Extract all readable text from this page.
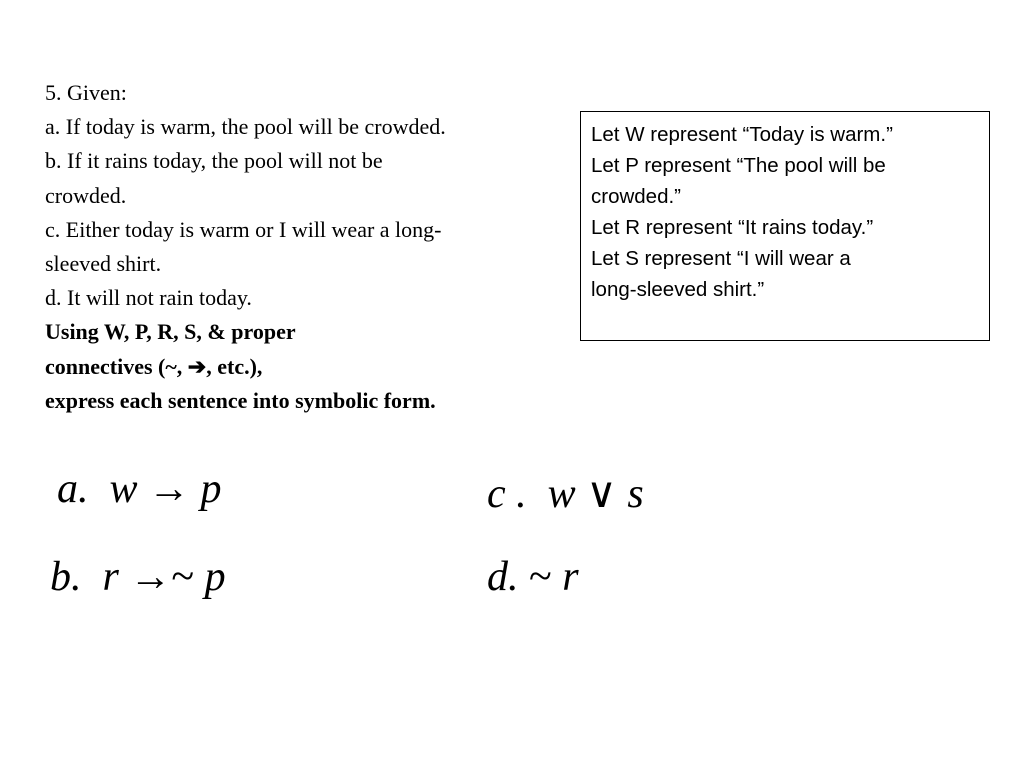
5. Given:
a. If today is warm, the pool will be crowded.
b. If it rains today, the pool will not be
crowded.
c. Either today is warm or I will wear a long-
sleeved shirt.
d. It will not rain today.
Using W, P, R, S, & proper
connectives (~, ➔, etc.),
express each sentence into symbolic form.
Let W represent “Today is warm.”
Let P represent “The pool will be
crowded.”
Let R represent “It rains today.”
Let S represent “I will wear a
long-sleeved shirt.”
a. w → p	c . w ∨ s
b. r →~ p	d. ~ r
